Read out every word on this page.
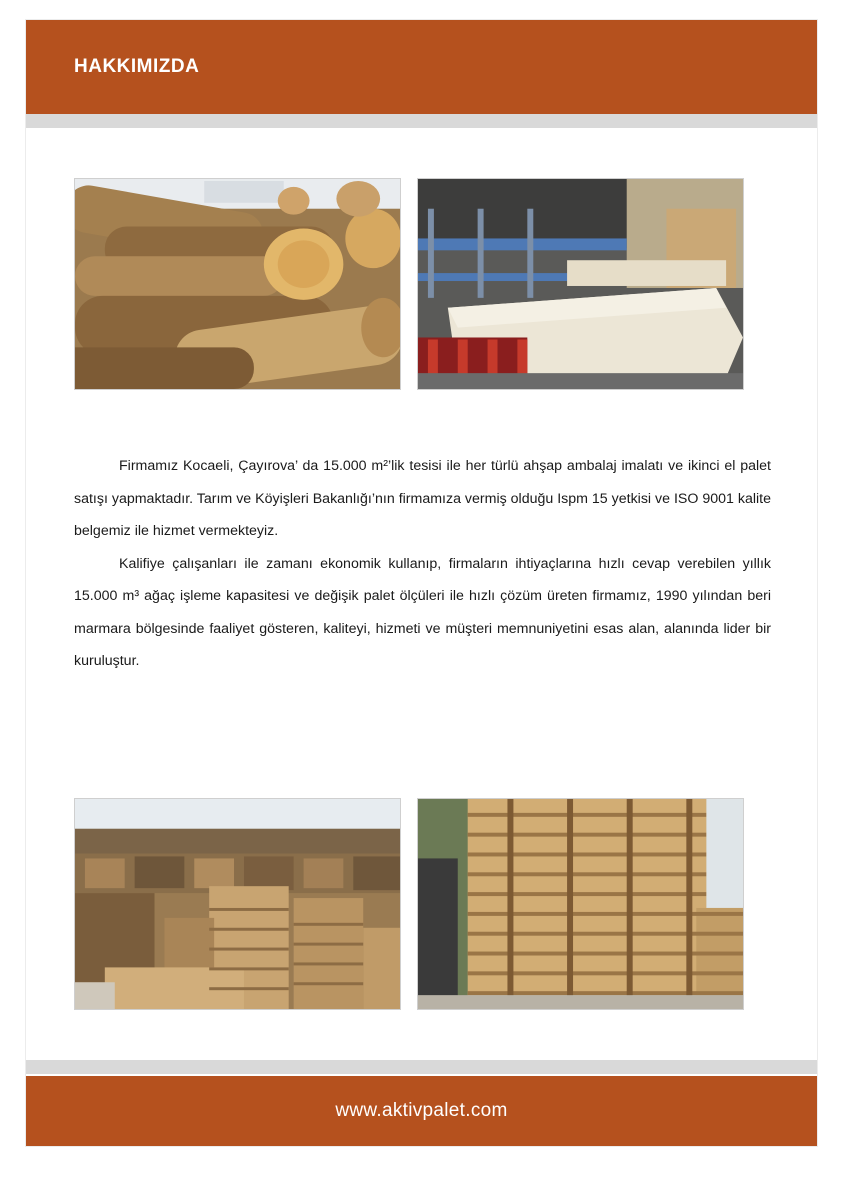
HAKKIMIZDA

Firmamız Kocaeli, Çayırova’ da 15.000 m²’lik tesisi ile her türlü ahşap ambalaj imalatı ve ikinci el palet satışı yapmaktadır. Tarım ve Köyişleri Bakanlığı’nın firmamıza vermiş olduğu Ispm 15 yetkisi ve ISO 9001 kalite belgemiz ile hizmet vermekteyiz.

Kalifiye çalışanları ile zamanı ekonomik kullanıp, firmaların ihtiyaçlarına hızlı cevap verebilen yıllık 15.000 m³ ağaç işleme kapasitesi ve değişik palet ölçüleri ile hızlı çözüm üreten firmamız, 1990 yılından beri marmara bölgesinde faaliyet gösteren, kaliteyi, hizmeti ve müşteri memnuniyetini esas alan, alanında lider bir kuruluştur.

www.aktivpalet.com
